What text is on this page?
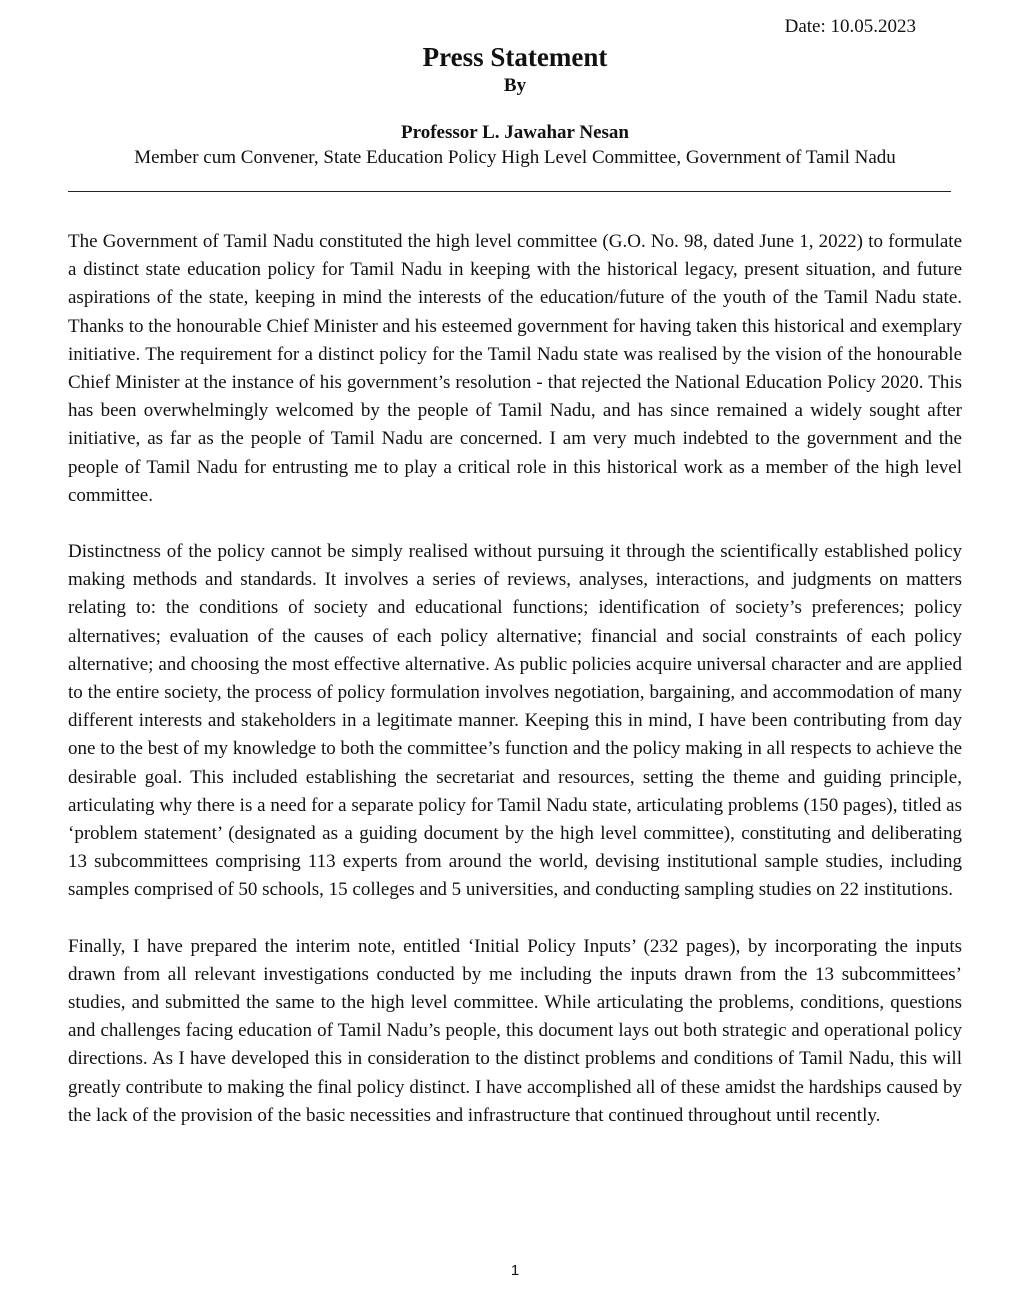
Date: 10.05.2023
Press Statement
By
Professor L. Jawahar Nesan
Member cum Convener, State Education Policy High Level Committee, Government of Tamil Nadu

The Government of Tamil Nadu constituted the high level committee (G.O. No. 98, dated June 1, 2022) to formulate a distinct state education policy for Tamil Nadu in keeping with the historical legacy, present situation, and future aspirations of the state, keeping in mind the interests of the education/future of the youth of the Tamil Nadu state. Thanks to the honourable Chief Minister and his esteemed government for having taken this historical and exemplary initiative. The requirement for a distinct policy for the Tamil Nadu state was realised by the vision of the honourable Chief Minister at the instance of his government’s resolution - that rejected the National Education Policy 2020. This has been overwhelmingly welcomed by the people of Tamil Nadu, and has since remained a widely sought after initiative, as far as the people of Tamil Nadu are concerned. I am very much indebted to the government and the people of Tamil Nadu for entrusting me to play a critical role in this historical work as a member of the high level committee.

Distinctness of the policy cannot be simply realised without pursuing it through the scientifically established policy making methods and standards. It involves a series of reviews, analyses, interactions, and judgments on matters relating to: the conditions of society and educational functions; identification of society’s preferences; policy alternatives; evaluation of the causes of each policy alternative; financial and social constraints of each policy alternative; and choosing the most effective alternative. As public policies acquire universal character and are applied to the entire society, the process of policy formulation involves negotiation, bargaining, and accommodation of many different interests and stakeholders in a legitimate manner. Keeping this in mind, I have been contributing from day one to the best of my knowledge to both the committee’s function and the policy making in all respects to achieve the desirable goal. This included establishing the secretariat and resources, setting the theme and guiding principle, articulating why there is a need for a separate policy for Tamil Nadu state, articulating problems (150 pages), titled as ‘problem statement’ (designated as a guiding document by the high level committee), constituting and deliberating 13 subcommittees comprising 113 experts from around the world, devising institutional sample studies, including samples comprised of 50 schools, 15 colleges and 5 universities, and conducting sampling studies on 22 institutions.

Finally, I have prepared the interim note, entitled ‘Initial Policy Inputs’ (232 pages), by incorporating the inputs drawn from all relevant investigations conducted by me including the inputs drawn from the 13 subcommittees’ studies, and submitted the same to the high level committee. While articulating the problems, conditions, questions and challenges facing education of Tamil Nadu’s people, this document lays out both strategic and operational policy directions. As I have developed this in consideration to the distinct problems and conditions of Tamil Nadu, this will greatly contribute to making the final policy distinct. I have accomplished all of these amidst the hardships caused by the lack of the provision of the basic necessities and infrastructure that continued throughout until recently.

1
